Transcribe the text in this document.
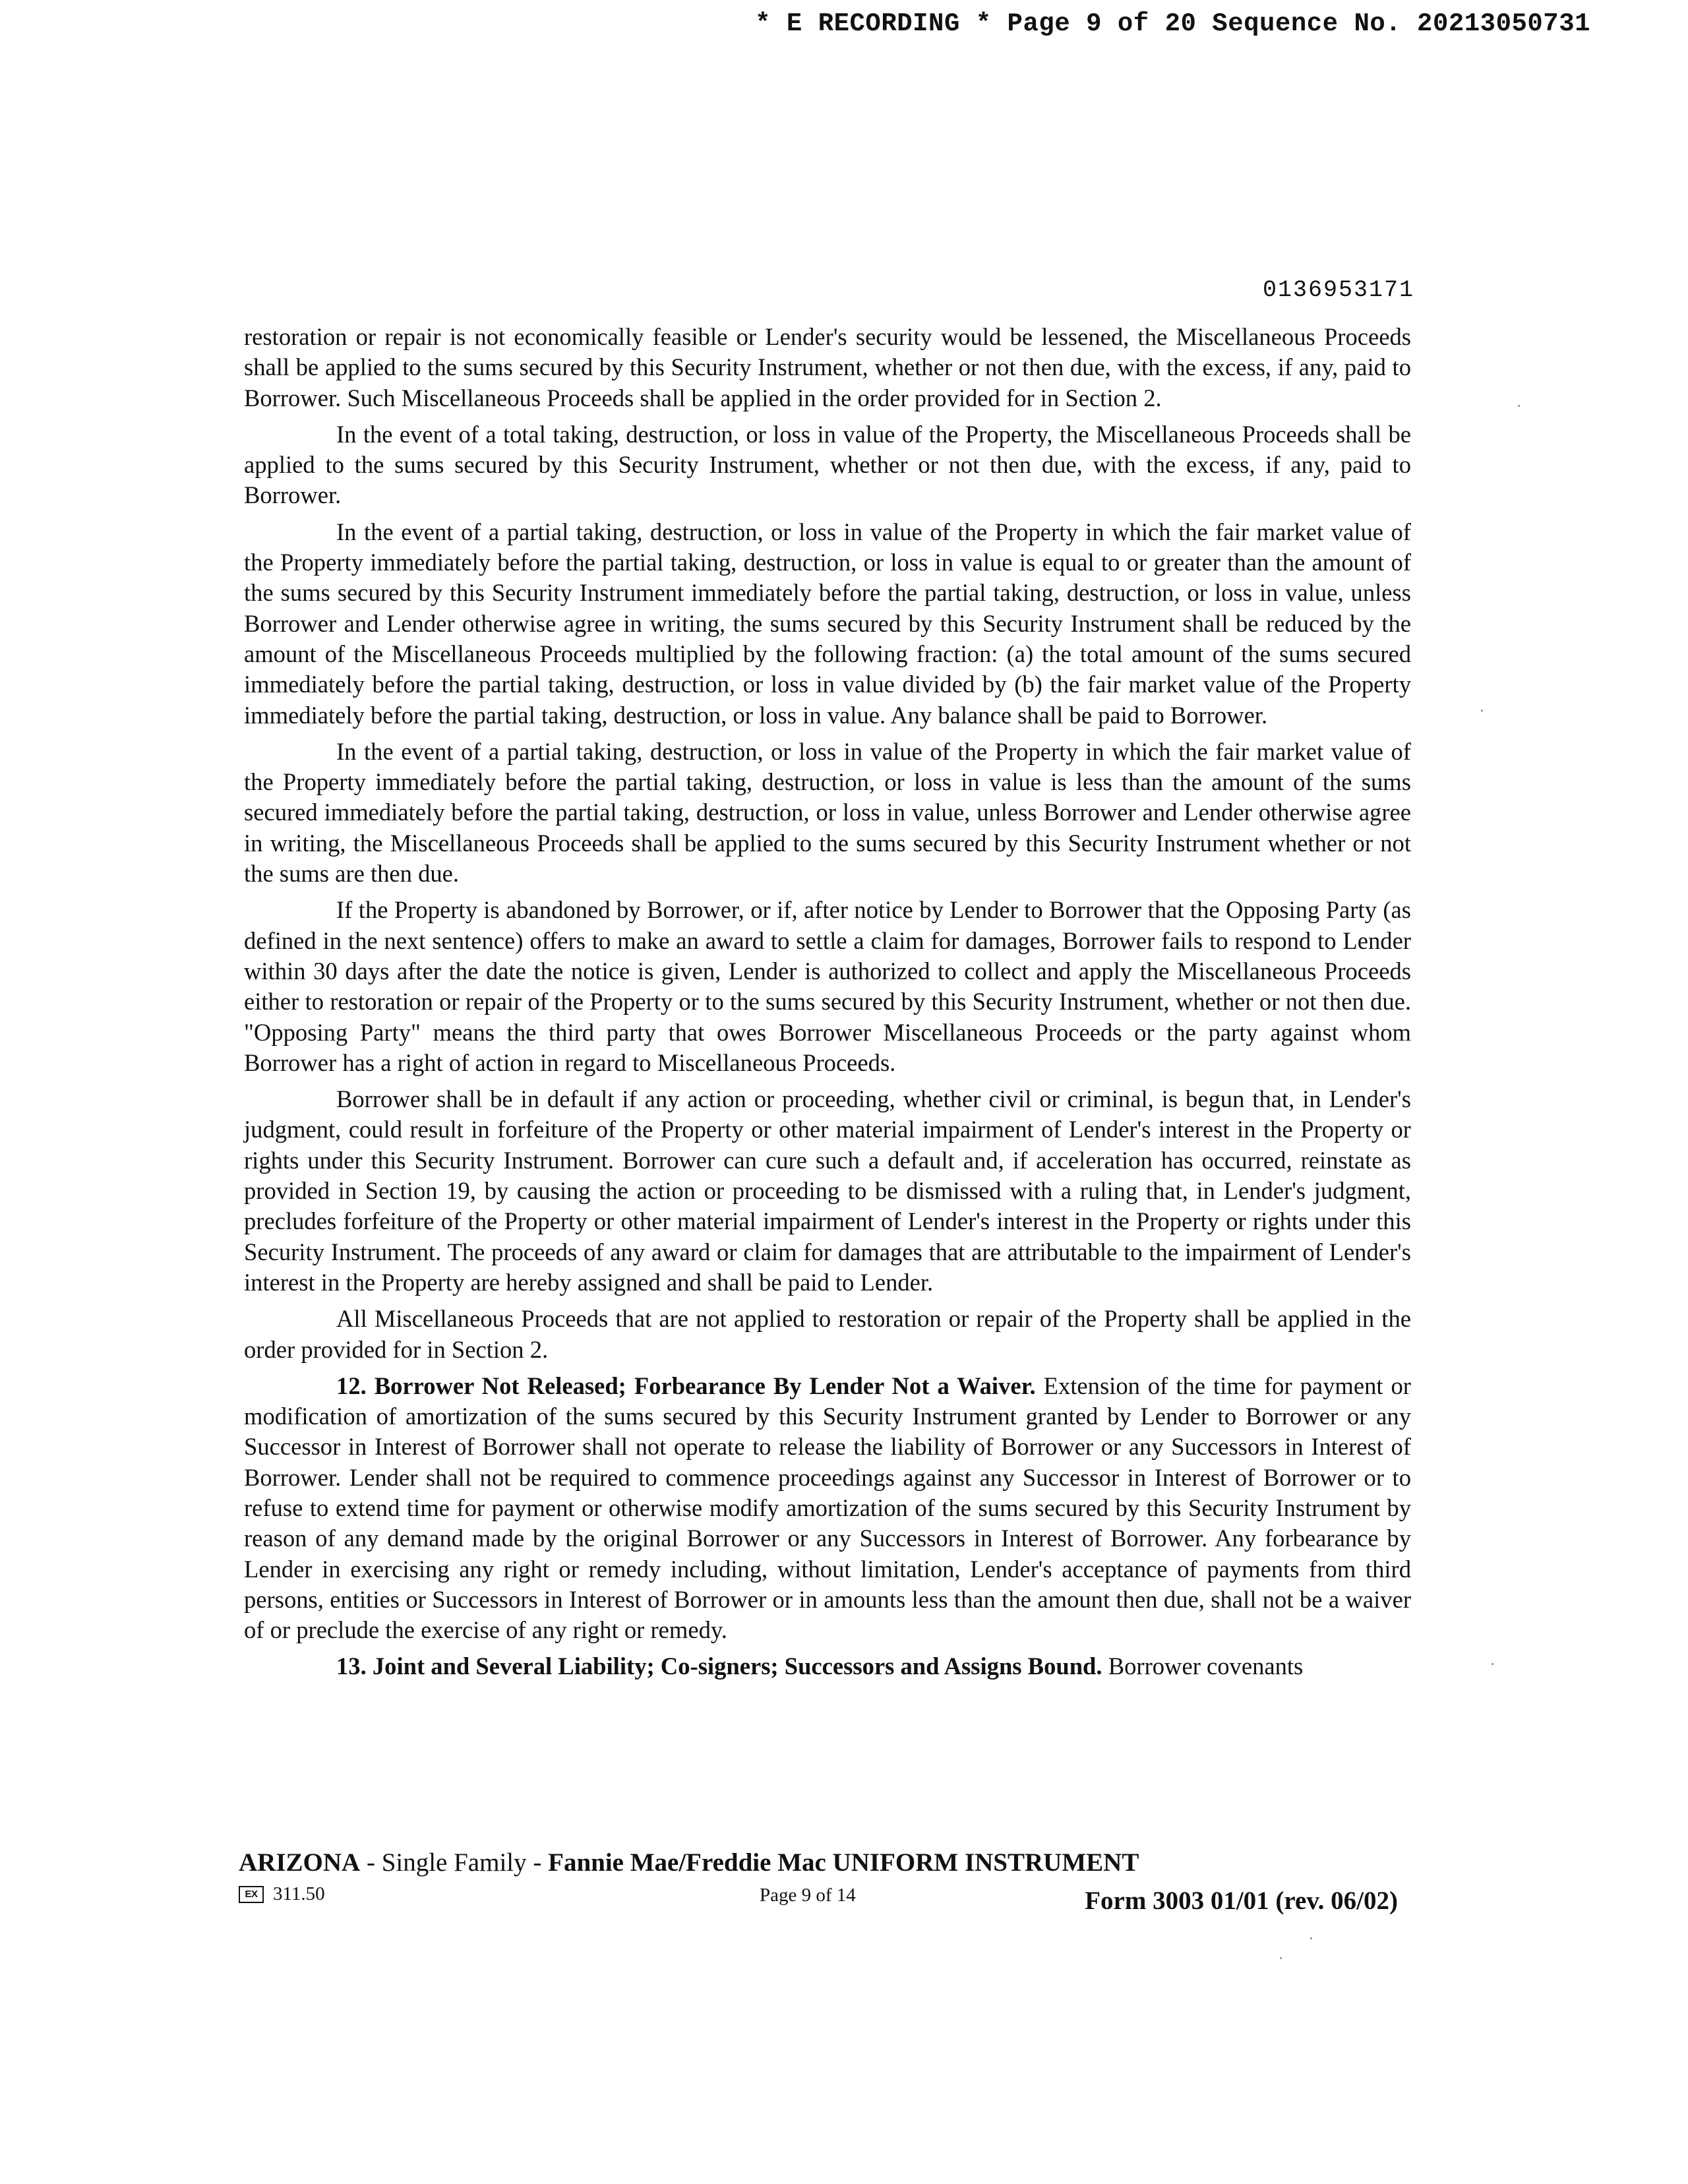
* E RECORDING * Page 9 of 20 Sequence No. 20213050731
0136953171

restoration or repair is not economically feasible or Lender's security would be lessened, the Miscellaneous Proceeds shall be applied to the sums secured by this Security Instrument, whether or not then due, with the excess, if any, paid to Borrower. Such Miscellaneous Proceeds shall be applied in the order provided for in Section 2.

In the event of a total taking, destruction, or loss in value of the Property, the Miscellaneous Proceeds shall be applied to the sums secured by this Security Instrument, whether or not then due, with the excess, if any, paid to Borrower.

In the event of a partial taking, destruction, or loss in value of the Property in which the fair market value of the Property immediately before the partial taking, destruction, or loss in value is equal to or greater than the amount of the sums secured by this Security Instrument immediately before the partial taking, destruction, or loss in value, unless Borrower and Lender otherwise agree in writing, the sums secured by this Security Instrument shall be reduced by the amount of the Miscellaneous Proceeds multiplied by the following fraction: (a) the total amount of the sums secured immediately before the partial taking, destruction, or loss in value divided by (b) the fair market value of the Property immediately before the partial taking, destruction, or loss in value. Any balance shall be paid to Borrower.

In the event of a partial taking, destruction, or loss in value of the Property in which the fair market value of the Property immediately before the partial taking, destruction, or loss in value is less than the amount of the sums secured immediately before the partial taking, destruction, or loss in value, unless Borrower and Lender otherwise agree in writing, the Miscellaneous Proceeds shall be applied to the sums secured by this Security Instrument whether or not the sums are then due.

If the Property is abandoned by Borrower, or if, after notice by Lender to Borrower that the Opposing Party (as defined in the next sentence) offers to make an award to settle a claim for damages, Borrower fails to respond to Lender within 30 days after the date the notice is given, Lender is authorized to collect and apply the Miscellaneous Proceeds either to restoration or repair of the Property or to the sums secured by this Security Instrument, whether or not then due. "Opposing Party" means the third party that owes Borrower Miscellaneous Proceeds or the party against whom Borrower has a right of action in regard to Miscellaneous Proceeds.

Borrower shall be in default if any action or proceeding, whether civil or criminal, is begun that, in Lender's judgment, could result in forfeiture of the Property or other material impairment of Lender's interest in the Property or rights under this Security Instrument. Borrower can cure such a default and, if acceleration has occurred, reinstate as provided in Section 19, by causing the action or proceeding to be dismissed with a ruling that, in Lender's judgment, precludes forfeiture of the Property or other material impairment of Lender's interest in the Property or rights under this Security Instrument. The proceeds of any award or claim for damages that are attributable to the impairment of Lender's interest in the Property are hereby assigned and shall be paid to Lender.

All Miscellaneous Proceeds that are not applied to restoration or repair of the Property shall be applied in the order provided for in Section 2.

12. Borrower Not Released; Forbearance By Lender Not a Waiver. Extension of the time for payment or modification of amortization of the sums secured by this Security Instrument granted by Lender to Borrower or any Successor in Interest of Borrower shall not operate to release the liability of Borrower or any Successors in Interest of Borrower. Lender shall not be required to commence proceedings against any Successor in Interest of Borrower or to refuse to extend time for payment or otherwise modify amortization of the sums secured by this Security Instrument by reason of any demand made by the original Borrower or any Successors in Interest of Borrower. Any forbearance by Lender in exercising any right or remedy including, without limitation, Lender's acceptance of payments from third persons, entities or Successors in Interest of Borrower or in amounts less than the amount then due, shall not be a waiver of or preclude the exercise of any right or remedy.

13. Joint and Several Liability; Co-signers; Successors and Assigns Bound. Borrower covenants

ARIZONA - Single Family - Fannie Mae/Freddie Mac UNIFORM INSTRUMENT
EX 311.50	Page 9 of 14	Form 3003 01/01 (rev. 06/02)
